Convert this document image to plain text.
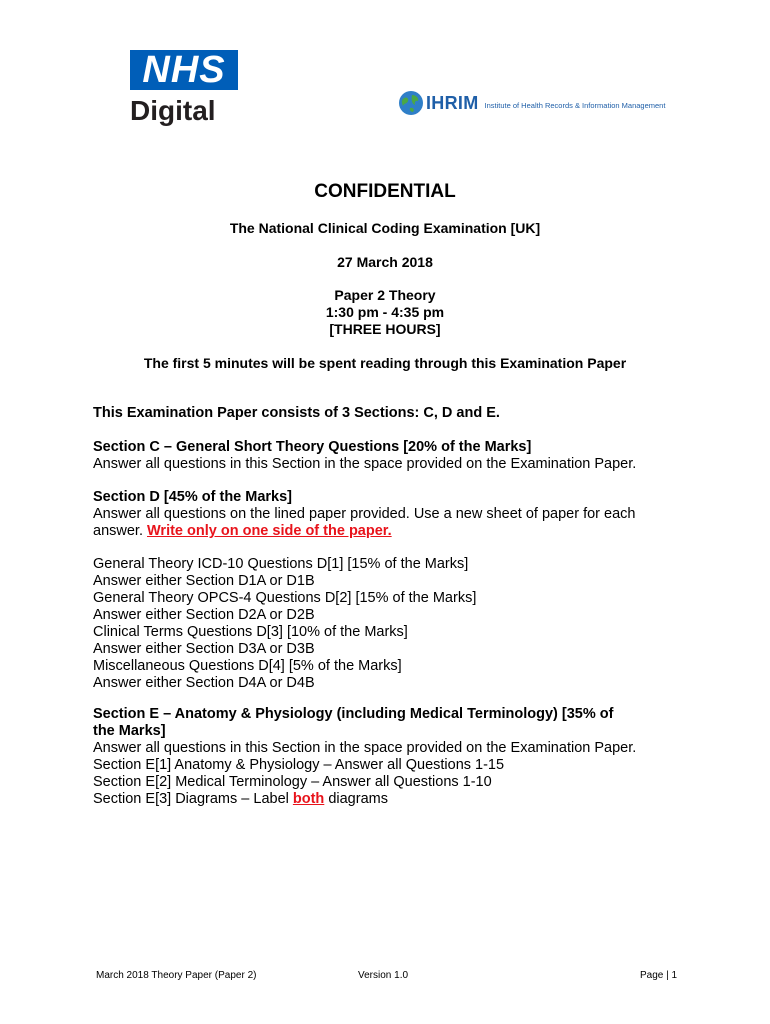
NHS
Digital	IHRIM Institute of Health Records & Information Management
CONFIDENTIAL
The National Clinical Coding Examination [UK]
27 March 2018
Paper 2 Theory
1:30 pm - 4:35 pm
[THREE HOURS]
The first 5 minutes will be spent reading through this Examination Paper
This Examination Paper consists of 3 Sections: C, D and E.
Section C – General Short Theory Questions [20% of the Marks]
Answer all questions in this Section in the space provided on the Examination Paper.
Section D [45% of the Marks]
Answer all questions on the lined paper provided. Use a new sheet of paper for each
answer. Write only on one side of the paper.
General Theory ICD-10 Questions D[1] [15% of the Marks]
Answer either Section D1A or D1B
General Theory OPCS-4 Questions D[2] [15% of the Marks]
Answer either Section D2A or D2B
Clinical Terms Questions D[3] [10% of the Marks]
Answer either Section D3A or D3B
Miscellaneous Questions D[4] [5% of the Marks]
Answer either Section D4A or D4B
Section E – Anatomy & Physiology (including Medical Terminology) [35% of
the Marks]
Answer all questions in this Section in the space provided on the Examination Paper.
Section E[1] Anatomy & Physiology – Answer all Questions 1-15
Section E[2] Medical Terminology – Answer all Questions 1-10
Section E[3] Diagrams – Label both diagrams
March 2018 Theory Paper (Paper 2)	Version 1.0	Page | 1
